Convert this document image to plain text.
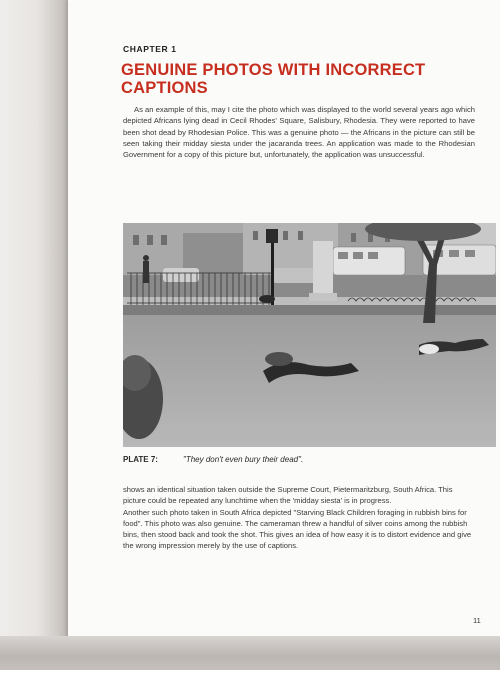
CHAPTER 1
GENUINE PHOTOS WITH INCORRECT CAPTIONS
As an example of this, may I cite the photo which was displayed to the world several years ago which depicted Africans lying dead in Cecil Rhodes' Square, Salisbury, Rhodesia. They were reported to have been shot dead by Rhodesian Police. This was a genuine photo — the Africans in the picture can still be seen taking their midday siesta under the jacaranda trees. An application was made to the Rhodesian Government for a copy of this picture but, unfortunately, the application was unsuccessful.
PLATE 7:	"They don't even bury their dead".

shows an identical situation taken outside the Supreme Court, Pietermaritzburg, South Africa. This picture could be repeated any lunchtime when the 'midday siesta' is in progress.

Another such photo taken in South Africa depicted "Starving Black Children foraging in rubbish bins for food". This photo was also genuine. The cameraman threw a handful of silver coins among the rubbish bins, then stood back and took the shot. This gives an idea of how easy it is to distort evidence and give the wrong impression merely by the use of captions.

11
